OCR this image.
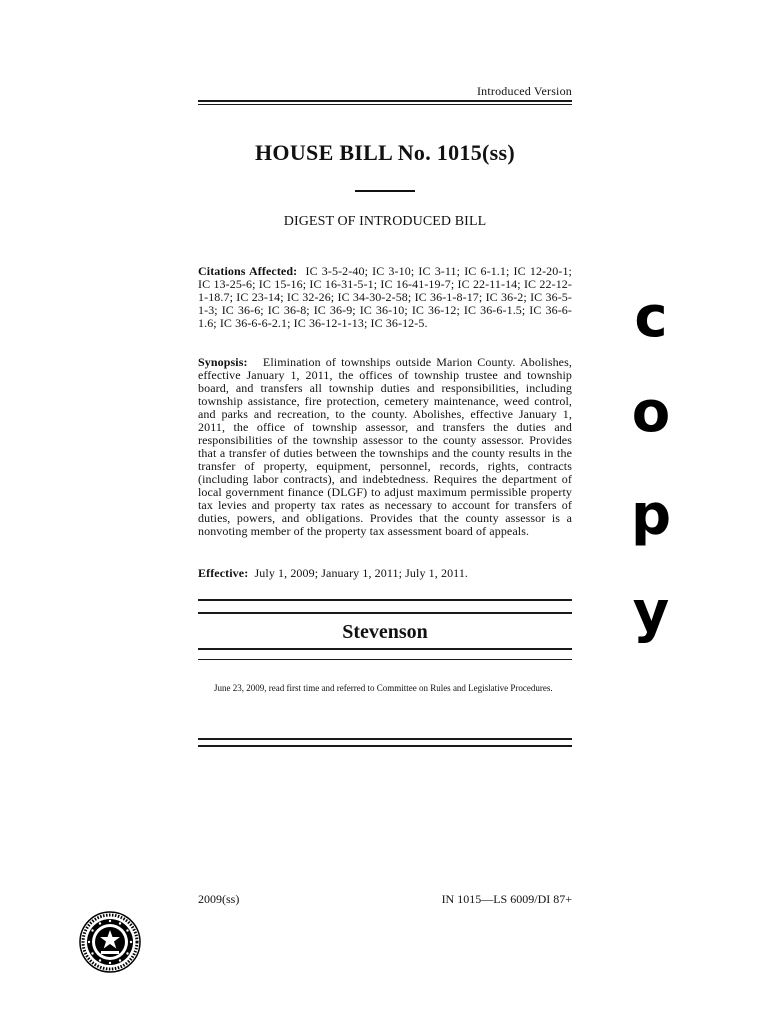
Introduced Version
HOUSE BILL No. 1015(ss)
DIGEST OF INTRODUCED BILL
Citations Affected: IC 3-5-2-40; IC 3-10; IC 3-11; IC 6-1.1; IC 12-20-1; IC 13-25-6; IC 15-16; IC 16-31-5-1; IC 16-41-19-7; IC 22-11-14; IC 22-12-1-18.7; IC 23-14; IC 32-26; IC 34-30-2-58; IC 36-1-8-17; IC 36-2; IC 36-5-1-3; IC 36-6; IC 36-8; IC 36-9; IC 36-10; IC 36-12; IC 36-6-1.5; IC 36-6-1.6; IC 36-6-6-2.1; IC 36-12-1-13; IC 36-12-5.
Synopsis: Elimination of townships outside Marion County. Abolishes, effective January 1, 2011, the offices of township trustee and township board, and transfers all township duties and responsibilities, including township assistance, fire protection, cemetery maintenance, weed control, and parks and recreation, to the county. Abolishes, effective January 1, 2011, the office of township assessor, and transfers the duties and responsibilities of the township assessor to the county assessor. Provides that a transfer of duties between the townships and the county results in the transfer of property, equipment, personnel, records, rights, contracts (including labor contracts), and indebtedness. Requires the department of local government finance (DLGF) to adjust maximum permissible property tax levies and property tax rates as necessary to account for transfers of duties, powers, and obligations. Provides that the county assessor is a nonvoting member of the property tax assessment board of appeals.
Effective: July 1, 2009; January 1, 2011; July 1, 2011.
Stevenson
June 23, 2009, read first time and referred to Committee on Rules and Legislative Procedures.
2009(ss)	IN 1015—LS 6009/DI 87+
c
o
p
y
